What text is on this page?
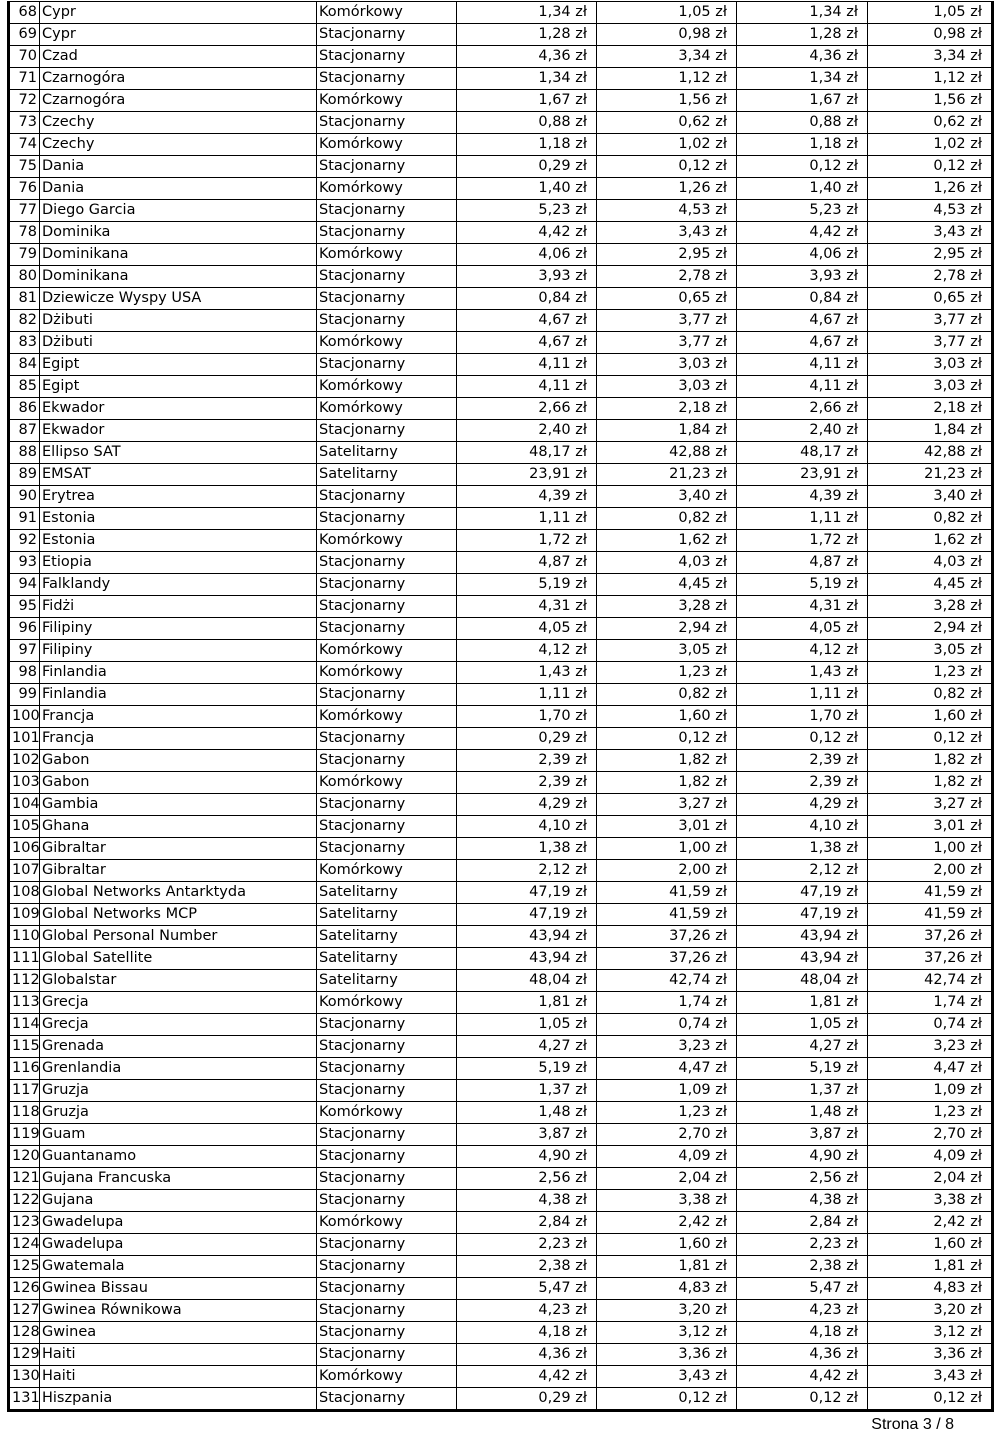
68	Cypr	Komórkowy	1,34 zł	1,05 zł	1,34 zł	1,05 zł
69	Cypr	Stacjonarny	1,28 zł	0,98 zł	1,28 zł	0,98 zł
70	Czad	Stacjonarny	4,36 zł	3,34 zł	4,36 zł	3,34 zł
71	Czarnogóra	Stacjonarny	1,34 zł	1,12 zł	1,34 zł	1,12 zł
72	Czarnogóra	Komórkowy	1,67 zł	1,56 zł	1,67 zł	1,56 zł
73	Czechy	Stacjonarny	0,88 zł	0,62 zł	0,88 zł	0,62 zł
74	Czechy	Komórkowy	1,18 zł	1,02 zł	1,18 zł	1,02 zł
75	Dania	Stacjonarny	0,29 zł	0,12 zł	0,12 zł	0,12 zł
76	Dania	Komórkowy	1,40 zł	1,26 zł	1,40 zł	1,26 zł
77	Diego Garcia	Stacjonarny	5,23 zł	4,53 zł	5,23 zł	4,53 zł
78	Dominika	Stacjonarny	4,42 zł	3,43 zł	4,42 zł	3,43 zł
79	Dominikana	Komórkowy	4,06 zł	2,95 zł	4,06 zł	2,95 zł
80	Dominikana	Stacjonarny	3,93 zł	2,78 zł	3,93 zł	2,78 zł
81	Dziewicze Wyspy USA	Stacjonarny	0,84 zł	0,65 zł	0,84 zł	0,65 zł
82	Dżibuti	Stacjonarny	4,67 zł	3,77 zł	4,67 zł	3,77 zł
83	Dżibuti	Komórkowy	4,67 zł	3,77 zł	4,67 zł	3,77 zł
84	Egipt	Stacjonarny	4,11 zł	3,03 zł	4,11 zł	3,03 zł
85	Egipt	Komórkowy	4,11 zł	3,03 zł	4,11 zł	3,03 zł
86	Ekwador	Komórkowy	2,66 zł	2,18 zł	2,66 zł	2,18 zł
87	Ekwador	Stacjonarny	2,40 zł	1,84 zł	2,40 zł	1,84 zł
88	Ellipso SAT	Satelitarny	48,17 zł	42,88 zł	48,17 zł	42,88 zł
89	EMSAT	Satelitarny	23,91 zł	21,23 zł	23,91 zł	21,23 zł
90	Erytrea	Stacjonarny	4,39 zł	3,40 zł	4,39 zł	3,40 zł
91	Estonia	Stacjonarny	1,11 zł	0,82 zł	1,11 zł	0,82 zł
92	Estonia	Komórkowy	1,72 zł	1,62 zł	1,72 zł	1,62 zł
93	Etiopia	Stacjonarny	4,87 zł	4,03 zł	4,87 zł	4,03 zł
94	Falklandy	Stacjonarny	5,19 zł	4,45 zł	5,19 zł	4,45 zł
95	Fidżi	Stacjonarny	4,31 zł	3,28 zł	4,31 zł	3,28 zł
96	Filipiny	Stacjonarny	4,05 zł	2,94 zł	4,05 zł	2,94 zł
97	Filipiny	Komórkowy	4,12 zł	3,05 zł	4,12 zł	3,05 zł
98	Finlandia	Komórkowy	1,43 zł	1,23 zł	1,43 zł	1,23 zł
99	Finlandia	Stacjonarny	1,11 zł	0,82 zł	1,11 zł	0,82 zł
100	Francja	Komórkowy	1,70 zł	1,60 zł	1,70 zł	1,60 zł
101	Francja	Stacjonarny	0,29 zł	0,12 zł	0,12 zł	0,12 zł
102	Gabon	Stacjonarny	2,39 zł	1,82 zł	2,39 zł	1,82 zł
103	Gabon	Komórkowy	2,39 zł	1,82 zł	2,39 zł	1,82 zł
104	Gambia	Stacjonarny	4,29 zł	3,27 zł	4,29 zł	3,27 zł
105	Ghana	Stacjonarny	4,10 zł	3,01 zł	4,10 zł	3,01 zł
106	Gibraltar	Stacjonarny	1,38 zł	1,00 zł	1,38 zł	1,00 zł
107	Gibraltar	Komórkowy	2,12 zł	2,00 zł	2,12 zł	2,00 zł
108	Global Networks Antarktyda	Satelitarny	47,19 zł	41,59 zł	47,19 zł	41,59 zł
109	Global Networks MCP	Satelitarny	47,19 zł	41,59 zł	47,19 zł	41,59 zł
110	Global Personal Number	Satelitarny	43,94 zł	37,26 zł	43,94 zł	37,26 zł
111	Global Satellite	Satelitarny	43,94 zł	37,26 zł	43,94 zł	37,26 zł
112	Globalstar	Satelitarny	48,04 zł	42,74 zł	48,04 zł	42,74 zł
113	Grecja	Komórkowy	1,81 zł	1,74 zł	1,81 zł	1,74 zł
114	Grecja	Stacjonarny	1,05 zł	0,74 zł	1,05 zł	0,74 zł
115	Grenada	Stacjonarny	4,27 zł	3,23 zł	4,27 zł	3,23 zł
116	Grenlandia	Stacjonarny	5,19 zł	4,47 zł	5,19 zł	4,47 zł
117	Gruzja	Stacjonarny	1,37 zł	1,09 zł	1,37 zł	1,09 zł
118	Gruzja	Komórkowy	1,48 zł	1,23 zł	1,48 zł	1,23 zł
119	Guam	Stacjonarny	3,87 zł	2,70 zł	3,87 zł	2,70 zł
120	Guantanamo	Stacjonarny	4,90 zł	4,09 zł	4,90 zł	4,09 zł
121	Gujana Francuska	Stacjonarny	2,56 zł	2,04 zł	2,56 zł	2,04 zł
122	Gujana	Stacjonarny	4,38 zł	3,38 zł	4,38 zł	3,38 zł
123	Gwadelupa	Komórkowy	2,84 zł	2,42 zł	2,84 zł	2,42 zł
124	Gwadelupa	Stacjonarny	2,23 zł	1,60 zł	2,23 zł	1,60 zł
125	Gwatemala	Stacjonarny	2,38 zł	1,81 zł	2,38 zł	1,81 zł
126	Gwinea Bissau	Stacjonarny	5,47 zł	4,83 zł	5,47 zł	4,83 zł
127	Gwinea Równikowa	Stacjonarny	4,23 zł	3,20 zł	4,23 zł	3,20 zł
128	Gwinea	Stacjonarny	4,18 zł	3,12 zł	4,18 zł	3,12 zł
129	Haiti	Stacjonarny	4,36 zł	3,36 zł	4,36 zł	3,36 zł
130	Haiti	Komórkowy	4,42 zł	3,43 zł	4,42 zł	3,43 zł
131	Hiszpania	Stacjonarny	0,29 zł	0,12 zł	0,12 zł	0,12 zł
Strona 3 / 8
